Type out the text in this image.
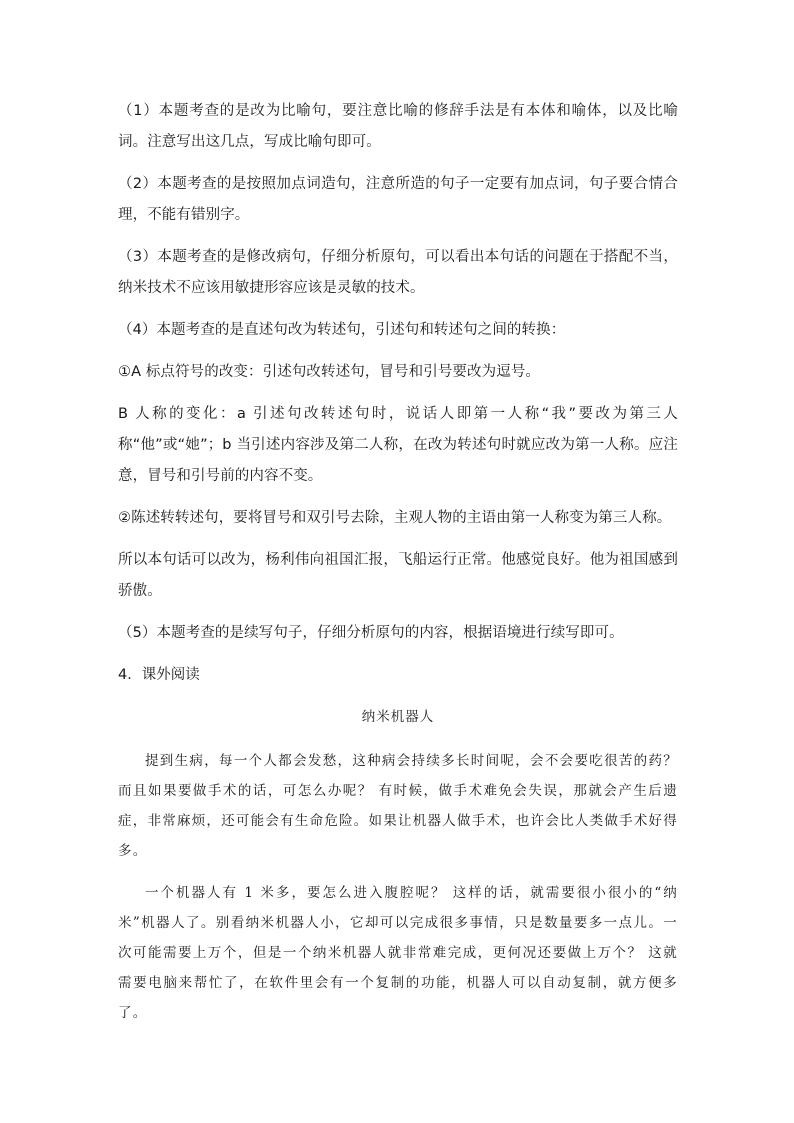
（1）本题考查的是改为比喻句，要注意比喻的修辞手法是有本体和喻体，以及比喻词。注意写出这几点，写成比喻句即可。

（2）本题考查的是按照加点词造句，注意所造的句子一定要有加点词，句子要合情合理，不能有错别字。

（3）本题考查的是修改病句，仔细分析原句，可以看出本句话的问题在于搭配不当，纳米技术不应该用敏捷形容应该是灵敏的技术。

（4）本题考查的是直述句改为转述句，引述句和转述句之间的转换：

①A 标点符号的改变：引述句改转述句，冒号和引号要改为逗号。

B 人称的变化：a 引述句改转述句时，说话人即第一人称“我”要改为第三人称“他”或“她”；b 当引述内容涉及第二人称，在改为转述句时就应改为第一人称。应注意，冒号和引号前的内容不变。

②陈述转转述句，要将冒号和双引号去除，主观人物的主语由第一人称变为第三人称。

所以本句话可以改为，杨利伟向祖国汇报，飞船运行正常。他感觉良好。他为祖国感到骄傲。

（5）本题考查的是续写句子，仔细分析原句的内容，根据语境进行续写即可。

4．课外阅读

纳米机器人

提到生病，每一个人都会发愁，这种病会持续多长时间呢，会不会要吃很苦的药？ 而且如果要做手术的话，可怎么办呢？ 有时候，做手术难免会失误，那就会产生后遗症，非常麻烦，还可能会有生命危险。如果让机器人做手术，也许会比人类做手术好得多。

一个机器人有 1 米多，要怎么进入腹腔呢？ 这样的话，就需要很小很小的“纳米”机器人了。别看纳米机器人小，它却可以完成很多事情，只是数量要多一点儿。一次可能需要上万个，但是一个纳米机器人就非常难完成，更何况还要做上万个？ 这就需要电脑来帮忙了，在软件里会有一个复制的功能，机器人可以自动复制，就方便多了。
